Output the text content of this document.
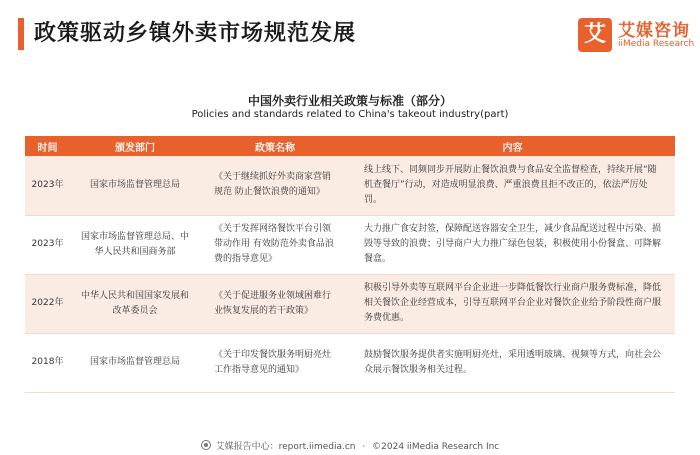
政策驱动乡镇外卖市场规范发展	艾 艾媒咨询
iiMedia Research
中国外卖行业相关政策与标准（部分）
Policies and standards related to China's takeout industry(part)
时间	颁发部门	政策名称	内容
2023年	国家市场监督管理总局	《关于继续抓好外卖商家营销规范 防止餐饮浪费的通知》	线上线下、同频同步开展防止餐饮浪费与食品安全监督检查，持续开展“随机查餐厅”行动，对造成明显浪费、严重浪费且拒不改正的，依法严厉处罚。
2023年	国家市场监督管理总局、中华人民共和国商务部	《关于发挥网络餐饮平台引领带动作用 有效防范外卖食品浪费的指导意见》	大力推广食安封签，保障配送容器安全卫生，减少食品配送过程中污染、损毁等导致的浪费；引导商户大力推广绿色包装，积极使用小份餐盒、可降解餐盒。
2022年	中华人民共和国国家发展和改革委员会	《关于促进服务业领域困难行业恢复发展的若干政策》	积极引导外卖等互联网平台企业进一步降低餐饮行业商户服务费标准，降低相关餐饮企业经营成本，引导互联网平台企业对餐饮企业给予阶段性商户服务费优惠。
2018年	国家市场监督管理总局	《关于印发餐饮服务明厨亮灶工作指导意见的通知》	鼓励餐饮服务提供者实施明厨亮灶，采用透明玻璃、视频等方式，向社会公众展示餐饮服务相关过程。
艾媒报告中心：report.iimedia.cn · ©2024 iiMedia Research Inc
